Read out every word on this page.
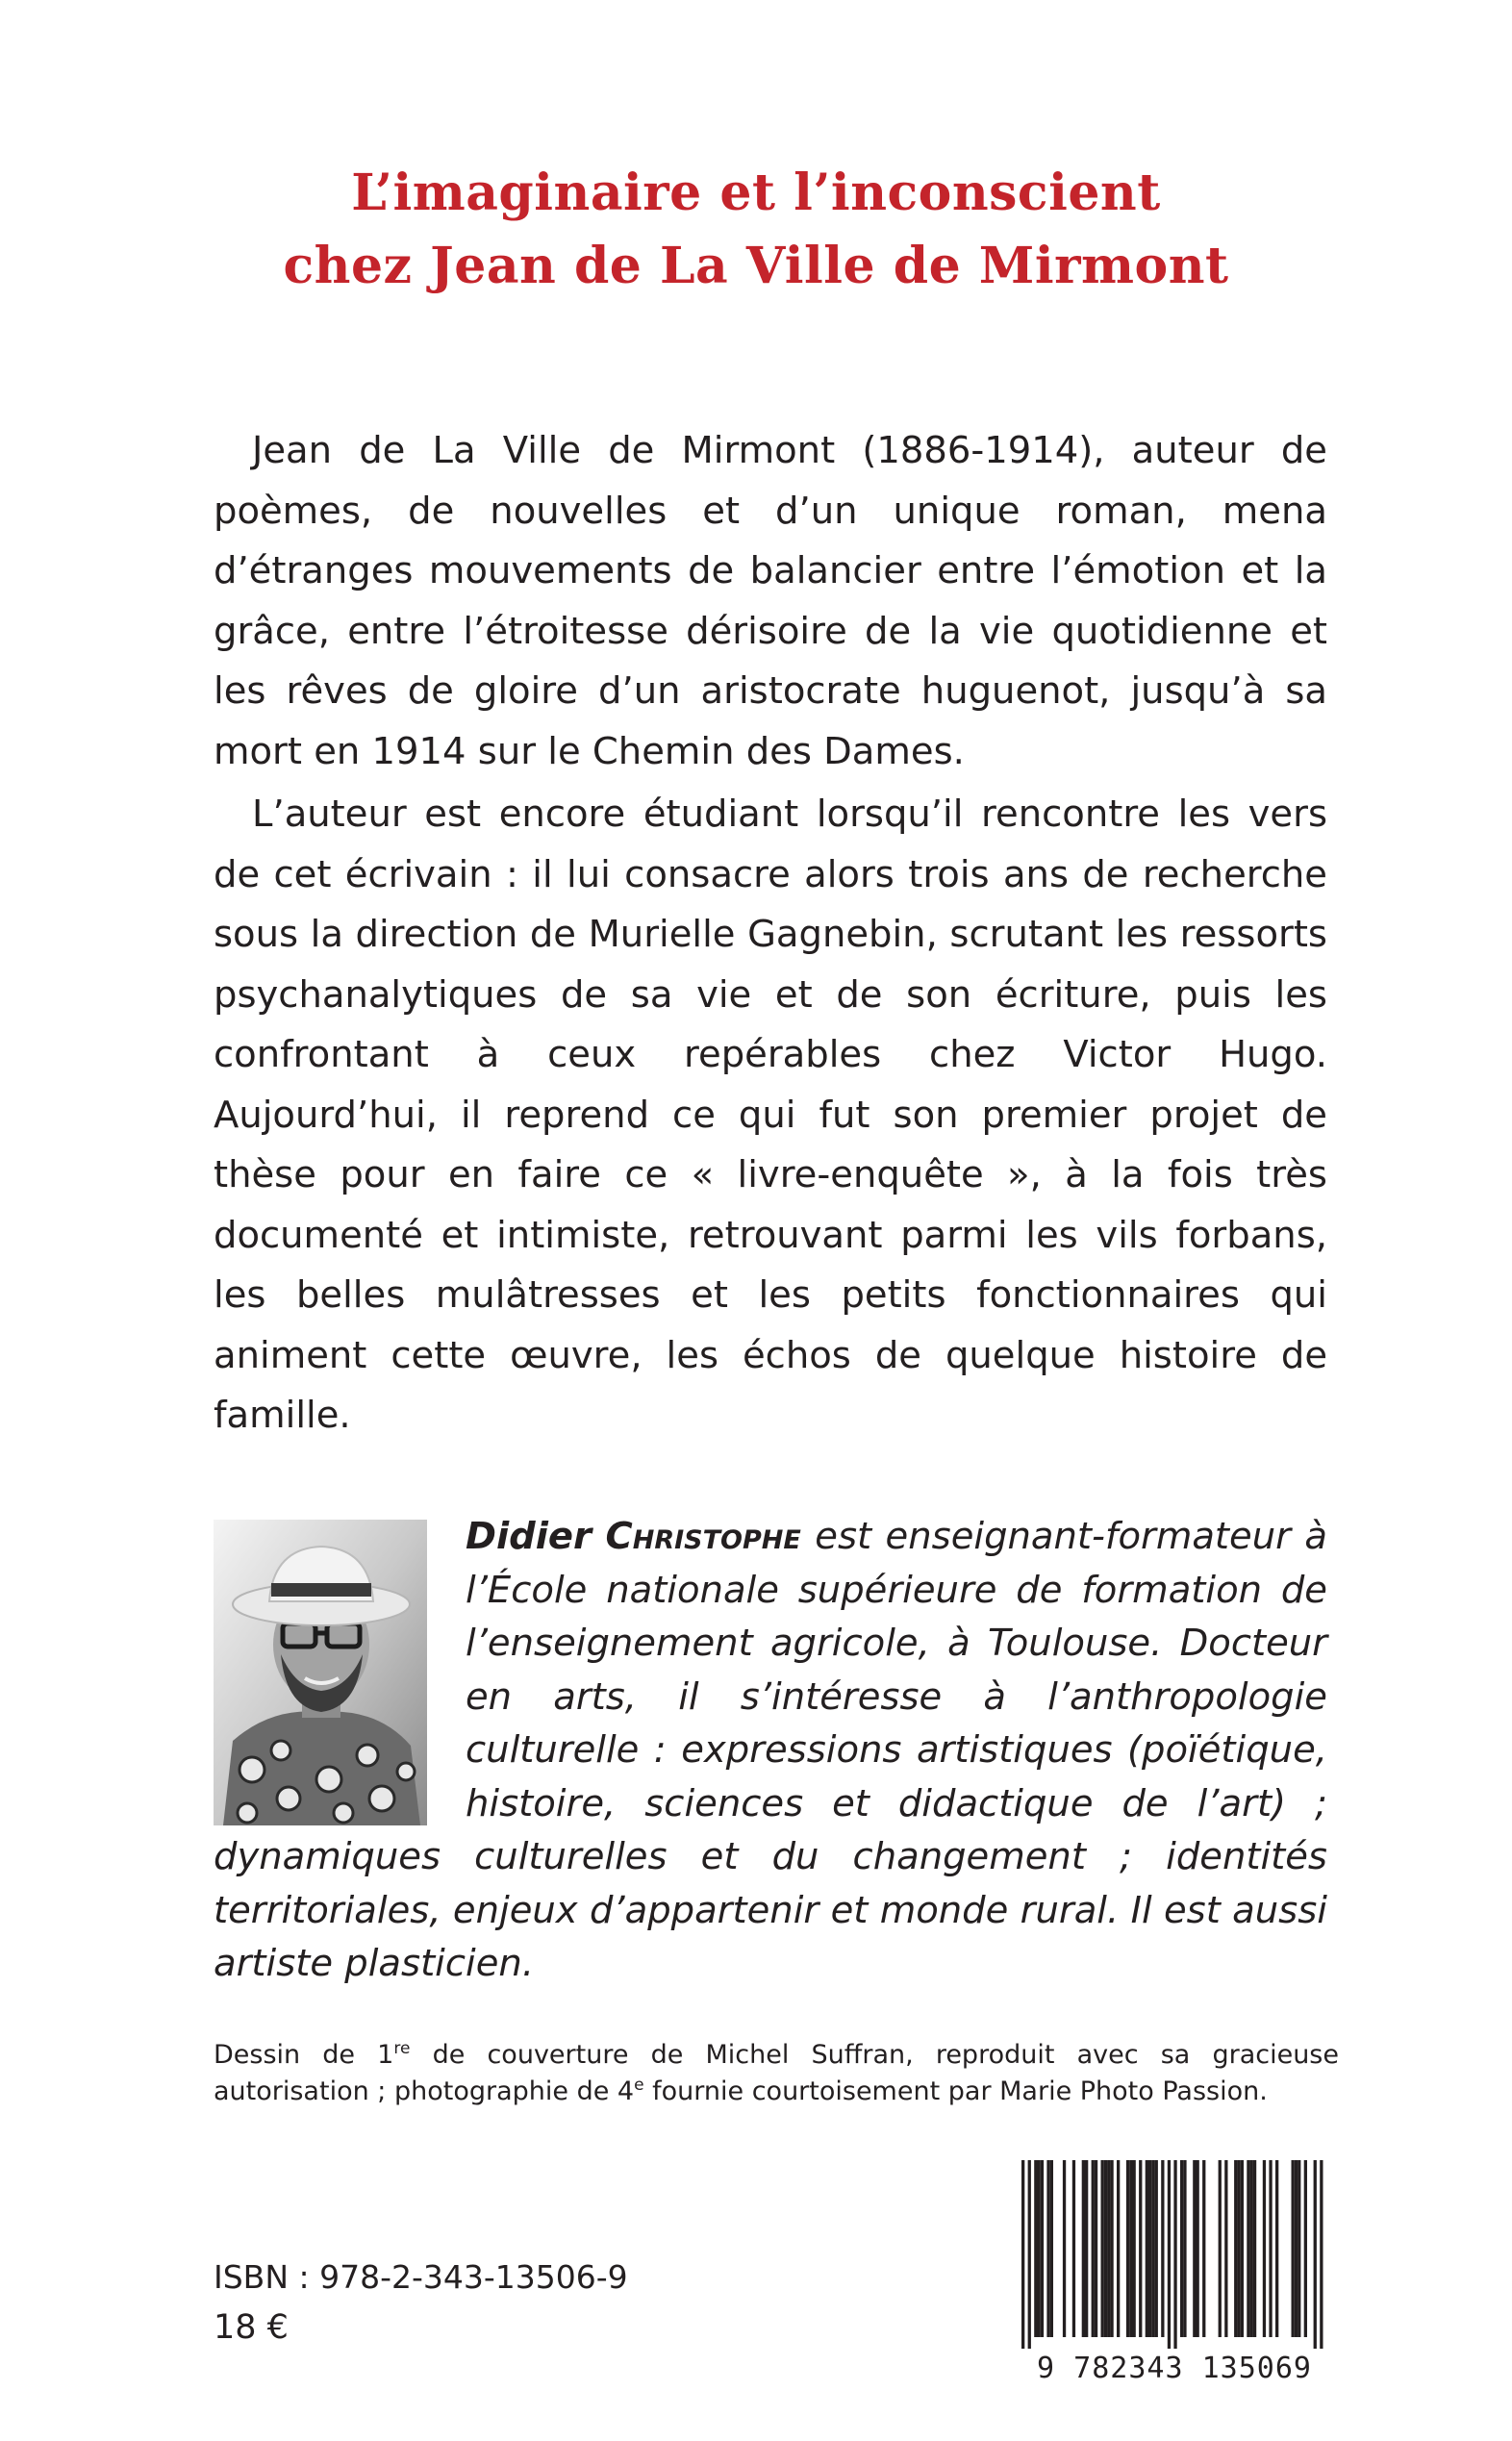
L’imaginaire et l’inconscient
chez Jean de La Ville de Mirmont

Jean de La Ville de Mirmont (1886-1914), auteur de poèmes, de nouvelles et d’un unique roman, mena d’étranges mouvements de balancier entre l’émotion et la grâce, entre l’étroitesse dérisoire de la vie quotidienne et les rêves de gloire d’un aristocrate huguenot, jusqu’à sa mort en 1914 sur le Chemin des Dames.

L’auteur est encore étudiant lorsqu’il rencontre les vers de cet écrivain : il lui consacre alors trois ans de recherche sous la direction de Murielle Gagnebin, scrutant les ressorts psychanalytiques de sa vie et de son écriture, puis les confrontant à ceux repérables chez Victor Hugo. Aujourd’hui, il reprend ce qui fut son premier projet de thèse pour en faire ce « livre-enquête », à la fois très documenté et intimiste, retrouvant parmi les vils forbans, les belles mulâtresses et les petits fonctionnaires qui animent cette œuvre, les échos de quelque histoire de famille.

Didier Christophe est enseignant-formateur à l’École nationale supérieure de formation de l’enseignement agricole, à Toulouse. Docteur en arts, il s’intéresse à l’anthropologie culturelle : expressions artistiques (poïétique, histoire, sciences et didactique de l’art) ; dynamiques culturelles et du changement ; identités territoriales, enjeux d’appartenir et monde rural. Il est aussi artiste plasticien.
Dessin de 1re de couverture de Michel Suffran, reproduit avec sa gracieuse autorisation ; photographie de 4e fournie courtoisement par Marie Photo Passion.
ISBN : 978-2-343-13506-9
18 €
9 782343 135069
